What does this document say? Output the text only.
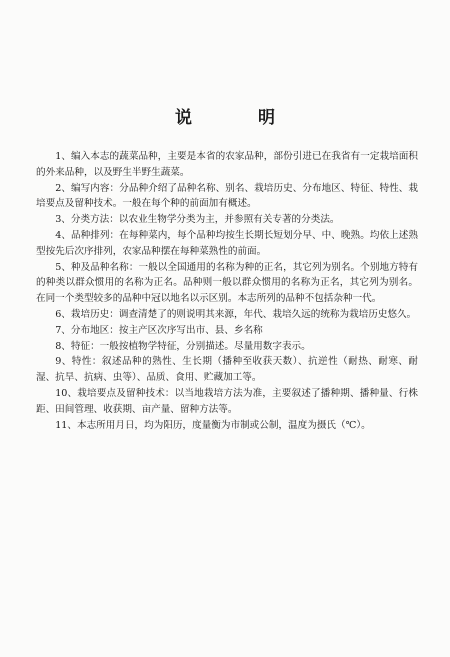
说 明

1、编入本志的蔬菜品种，主要是本省的农家品种，部份引进已在我省有一定栽培面积的外来品种，以及野生半野生蔬菜。

2、编写内容：分品种介绍了品种名称、别名、栽培历史、分布地区、特征、特性、栽培要点及留种技术。一般在每个种的前面加有概述。

3、分类方法：以农业生物学分类为主，并参照有关专著的分类法。

4、品种排列：在每种菜内，每个品种均按生长期长短划分早、中、晚熟。均依上述熟型按先后次序排列，农家品种摆在每种菜熟性的前面。

5、种及品种名称：一般以全国通用的名称为种的正名，其它列为别名。个别地方特有的种类以群众惯用的名称为正名。品种则一般以群众惯用的名称为正名，其它列为别名。在同一个类型较多的品种中冠以地名以示区别。本志所列的品种不包括杂种一代。

6、栽培历史：调查清楚了的则说明其来源，年代、栽培久远的统称为栽培历史悠久。

7、分布地区：按主产区次序写出市、县、乡名称

8、特征：一般按植物学特征，分别描述。尽量用数字表示。

9、特性：叙述品种的熟性、生长期（播种至收获天数）、抗逆性（耐热、耐寒、耐湿、抗旱、抗病、虫等）、品质、食用、贮藏加工等。

10、栽培要点及留种技术：以当地栽培方法为准，主要叙述了播种期、播种量、行株距、田间管理、收获期、亩产量、留种方法等。

11、本志所用月日，均为阳历，度量衡为市制或公制，温度为摄氏（℃）。
